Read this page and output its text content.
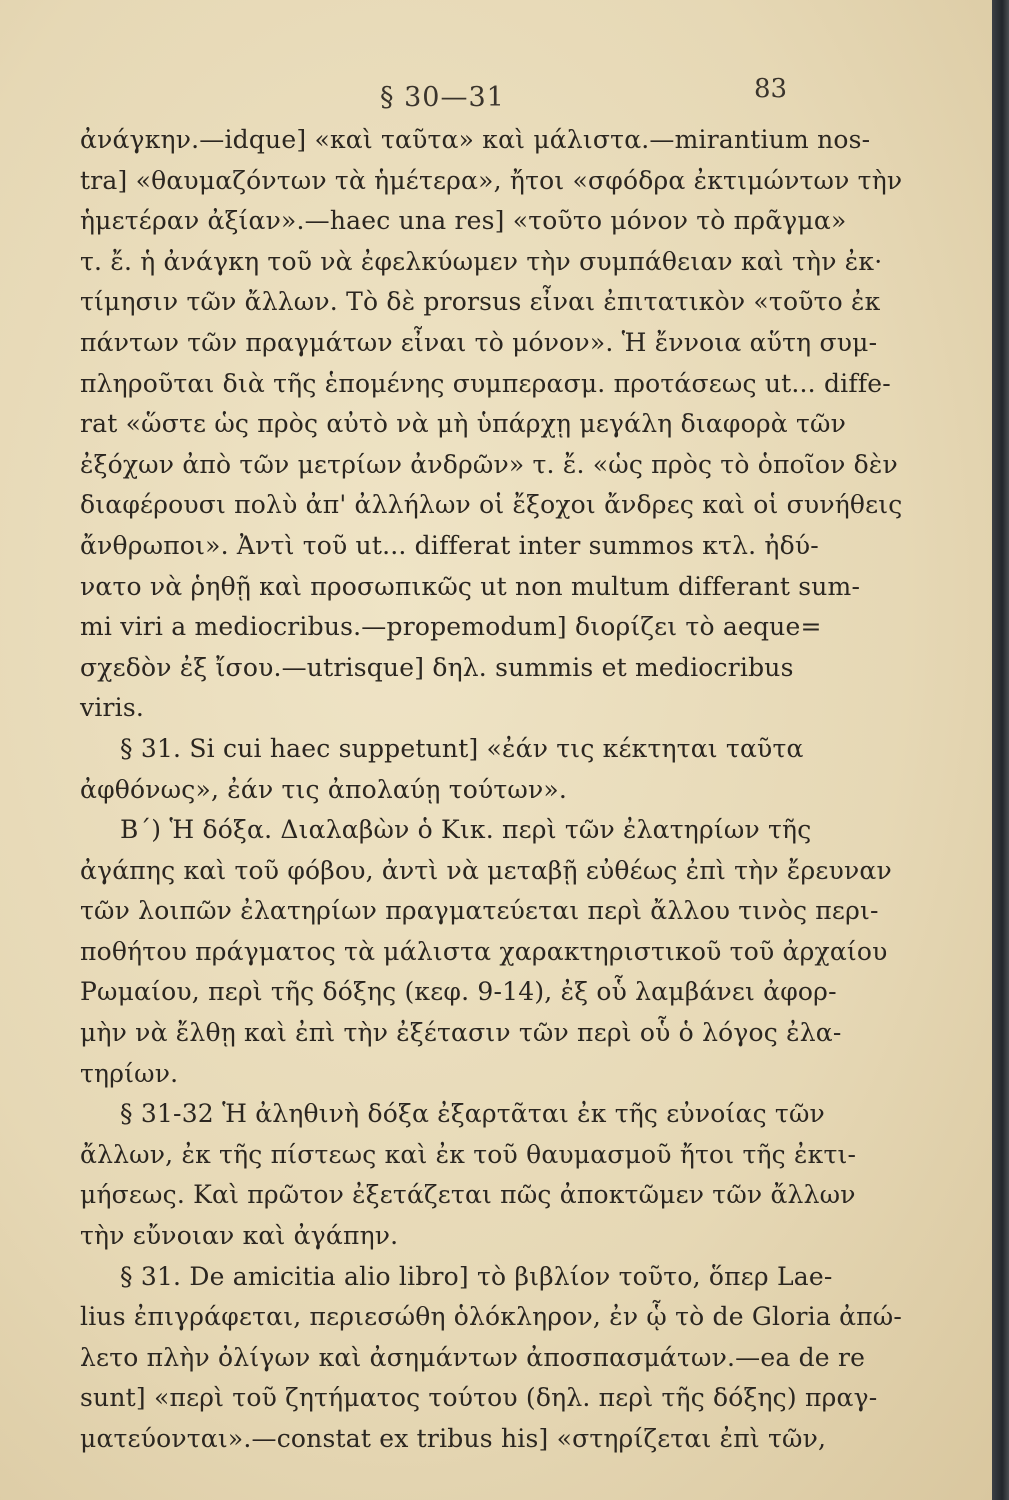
§ 30—31	83
ἀνάγκην.—idque] «καὶ ταῦτα» καὶ μάλιστα.—mirantium nos-
tra] «θαυμαζόντων τὰ ἡμέτερα», ἤτοι «σφόδρα ἐκτιμώντων τὴν
ἡμετέραν ἀξίαν».—haec una res] «τοῦτο μόνον τὸ πρᾶγμα»
τ. ἔ. ἡ ἀνάγκη τοῦ νὰ ἐφελκύωμεν τὴν συμπάθειαν καὶ τὴν ἐκ·
τίμησιν τῶν ἄλλων. Τὸ δὲ prorsus εἶναι ἐπιτατικὸν «τοῦτο ἐκ
πάντων τῶν πραγμάτων εἶναι τὸ μόνον». Ἡ ἔννοια αὕτη συμ-
πληροῦται διὰ τῆς ἑπομένης συμπερασμ. προτάσεως ut... diffe-
rat «ὥστε ὡς πρὸς αὐτὸ νὰ μὴ ὑπάρχῃ μεγάλη διαφορὰ τῶν
ἐξόχων ἀπὸ τῶν μετρίων ἀνδρῶν» τ. ἔ. «ὡς πρὸς τὸ ὁποῖον δὲν
διαφέρουσι πολὺ ἀπ' ἀλλήλων οἱ ἔξοχοι ἄνδρες καὶ οἱ συνήθεις
ἄνθρωποι». Ἀντὶ τοῦ ut... differat inter summos κτλ. ἠδύ-
νατο νὰ ῥηθῇ καὶ προσωπικῶς ut non multum differant sum-
mi viri a mediocribus.—propemodum] διορίζει τὸ aeque=
σχεδὸν ἐξ ἴσου.—utrisque] δηλ. summis et mediocribus
viris.
§ 31. Si cui haec suppetunt] «ἐάν τις κέκτηται ταῦτα
ἀφθόνως», ἐάν τις ἀπολαύῃ τούτων».
Β΄) Ἡ δόξα. Διαλαβὼν ὁ Κικ. περὶ τῶν ἐλατηρίων τῆς
ἀγάπης καὶ τοῦ φόβου, ἀντὶ νὰ μεταβῇ εὐθέως ἐπὶ τὴν ἔρευναν
τῶν λοιπῶν ἐλατηρίων πραγματεύεται περὶ ἄλλου τινὸς περι-
ποθήτου πράγματος τὰ μάλιστα χαρακτηριστικοῦ τοῦ ἀρχαίου
Ρωμαίου, περὶ τῆς δόξης (κεφ. 9-14), ἐξ οὗ λαμβάνει ἀφορ-
μὴν νὰ ἔλθῃ καὶ ἐπὶ τὴν ἐξέτασιν τῶν περὶ οὗ ὁ λόγος ἐλα-
τηρίων.
§ 31-32 Ἡ ἀληθινὴ δόξα ἐξαρτᾶται ἐκ τῆς εὐνοίας τῶν
ἄλλων, ἐκ τῆς πίστεως καὶ ἐκ τοῦ θαυμασμοῦ ἤτοι τῆς ἐκτι-
μήσεως. Καὶ πρῶτον ἐξετάζεται πῶς ἀποκτῶμεν τῶν ἄλλων
τὴν εὔνοιαν καὶ ἀγάπην.
§ 31. De amicitia alio libro] τὸ βιβλίον τοῦτο, ὅπερ Lae-
lius ἐπιγράφεται, περιεσώθη ὁλόκληρον, ἐν ᾧ τὸ de Gloria ἀπώ-
λετο πλὴν ὀλίγων καὶ ἀσημάντων ἀποσπασμάτων.—ea de re
sunt] «περὶ τοῦ ζητήματος τούτου (δηλ. περὶ τῆς δόξης) πραγ-
ματεύονται».—constat ex tribus his] «στηρίζεται ἐπὶ τῶν,
